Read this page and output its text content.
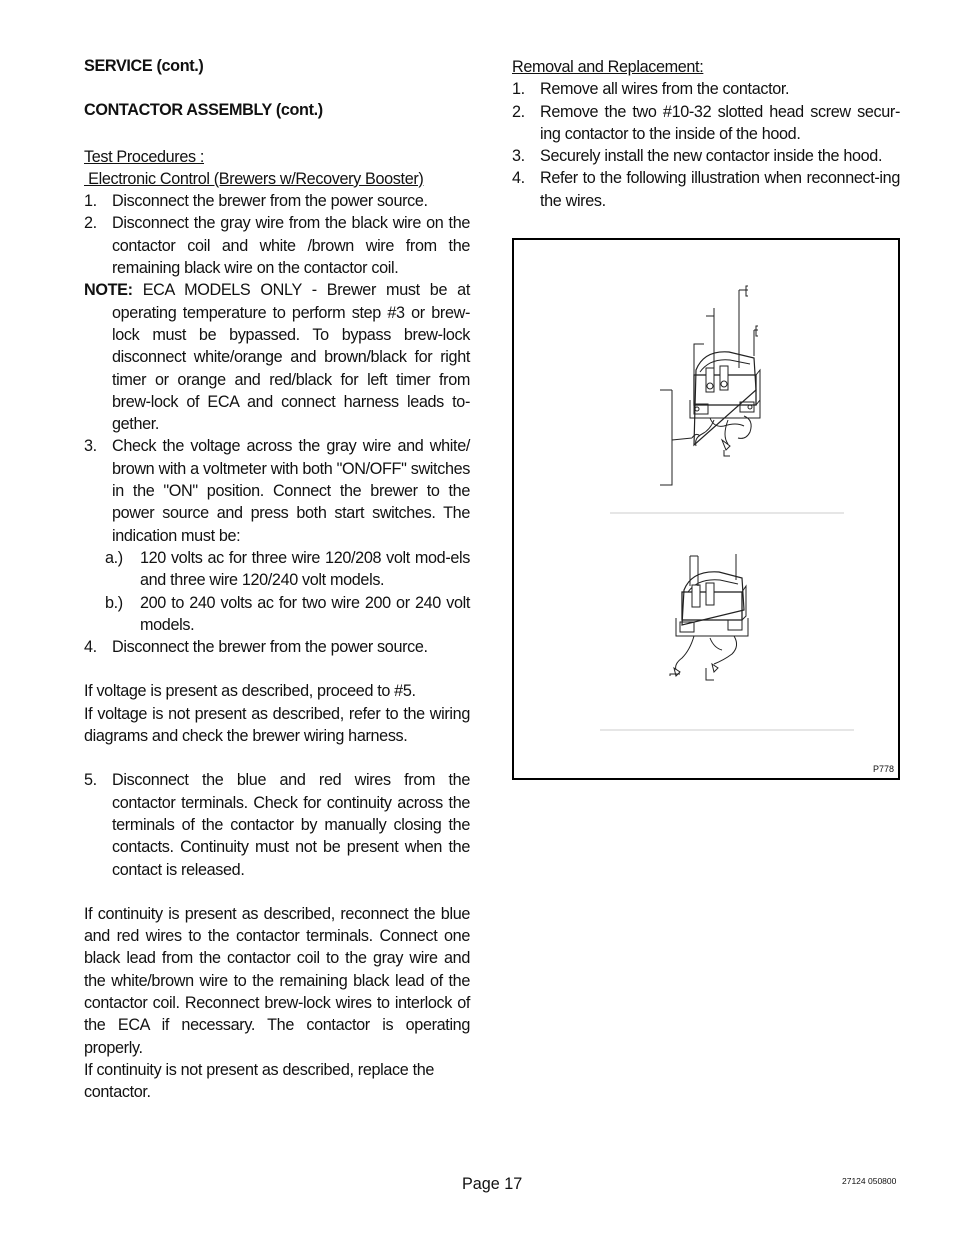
SERVICE (cont.)

CONTACTOR ASSEMBLY (cont.)

Test Procedures :

Electronic Control (Brewers w/Recovery Booster)

1. Disconnect the brewer from the power source.
2. Disconnect the gray wire from the black wire on the contactor coil and white /brown wire from the remaining black wire on the contactor coil.
NOTE: ECA MODELS ONLY - Brewer must be at operating temperature to perform step #3 or brew-lock must be bypassed. To bypass brew-lock disconnect white/orange and brown/black for right timer or orange and red/black for left timer from brew-lock of ECA and connect harness leads to-gether.
3. Check the voltage across the gray wire and white/ brown with a voltmeter with both "ON/OFF" switches in the "ON" position. Connect the brewer to the power source and press both start switches. The indication must be:
a.) 120 volts ac for three wire 120/208 volt mod-els and three wire 120/240 volt models.
b.) 200 to 240 volts ac for two wire 200 or 240 volt models.
4. Disconnect the brewer from the power source.

If voltage is present as described, proceed to #5.

If voltage is not present as described, refer to the wiring diagrams and check the brewer wiring harness.

5. Disconnect the blue and red wires from the contactor terminals. Check for continuity across the terminals of the contactor by manually closing the contacts. Continuity must not be present when the contact is released.

If continuity is present as described, reconnect the blue and red wires to the contactor terminals. Connect one black lead from the contactor coil to the gray wire and the white/brown wire to the remaining black lead of the contactor coil. Reconnect brew-lock wires to interlock of the ECA if necessary. The contactor is operating properly.

If continuity is not present as described, replace the contactor.

Removal and Replacement:

1. Remove all wires from the contactor.
2. Remove the two #10-32 slotted head screw secur-ing contactor to the inside of the hood.
3. Securely install the new contactor inside the hood.
4. Refer to the following illustration when reconnect-ing the wires.
P778
Page 17	27124 050800
